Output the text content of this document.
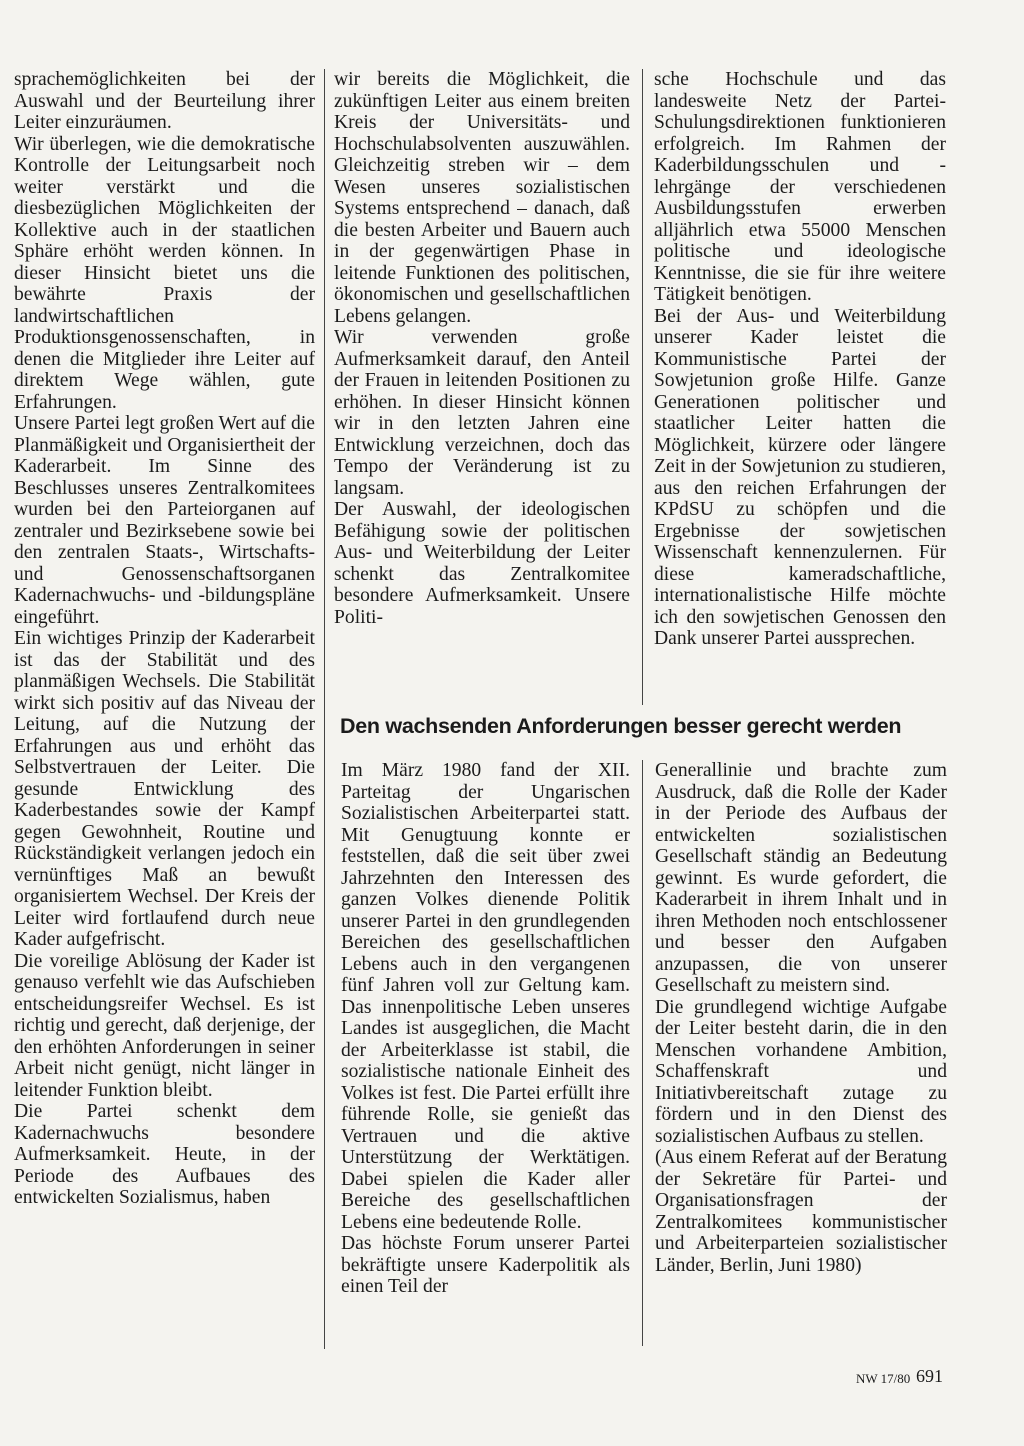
sprachemöglichkeiten bei der Auswahl und der Beurteilung ihrer Leiter einzuräumen.

Wir überlegen, wie die demokratische Kontrolle der Leitungsarbeit noch weiter verstärkt und die diesbezüglichen Möglichkeiten der Kollektive auch in der staatlichen Sphäre erhöht werden können. In dieser Hinsicht bietet uns die bewährte Praxis der landwirtschaftlichen Produktionsgenossenschaften, in denen die Mitglieder ihre Leiter auf direktem Wege wählen, gute Erfahrungen.

Unsere Partei legt großen Wert auf die Planmäßigkeit und Organisiertheit der Kaderarbeit. Im Sinne des Beschlusses unseres Zentralkomitees wurden bei den Parteiorganen auf zentraler und Bezirksebene sowie bei den zentralen Staats-, Wirtschafts- und Genossenschaftsorganen Kadernachwuchs- und -bildungspläne eingeführt.

Ein wichtiges Prinzip der Kaderarbeit ist das der Stabilität und des planmäßigen Wechsels. Die Stabilität wirkt sich positiv auf das Niveau der Leitung, auf die Nutzung der Erfahrungen aus und erhöht das Selbstvertrauen der Leiter. Die gesunde Entwicklung des Kaderbestandes sowie der Kampf gegen Gewohnheit, Routine und Rückständigkeit verlangen jedoch ein vernünftiges Maß an bewußt organisiertem Wechsel. Der Kreis der Leiter wird fortlaufend durch neue Kader aufgefrischt.

Die voreilige Ablösung der Kader ist genauso verfehlt wie das Aufschieben entscheidungsreifer Wechsel. Es ist richtig und gerecht, daß derjenige, der den erhöhten Anforderungen in seiner Arbeit nicht genügt, nicht länger in leitender Funktion bleibt.

Die Partei schenkt dem Kadernachwuchs besondere Aufmerksamkeit. Heute, in der Periode des Aufbaues des entwickelten Sozialismus, haben

wir bereits die Möglichkeit, die zukünftigen Leiter aus einem breiten Kreis der Universitäts- und Hochschulabsolventen auszuwählen. Gleichzeitig streben wir – dem Wesen unseres sozialistischen Systems entsprechend – danach, daß die besten Arbeiter und Bauern auch in der gegenwärtigen Phase in leitende Funktionen des politischen, ökonomischen und gesellschaftlichen Lebens gelangen.

Wir verwenden große Aufmerksamkeit darauf, den Anteil der Frauen in leitenden Positionen zu erhöhen. In dieser Hinsicht können wir in den letzten Jahren eine Entwicklung verzeichnen, doch das Tempo der Veränderung ist zu langsam.

Der Auswahl, der ideologischen Befähigung sowie der politischen Aus- und Weiterbildung der Leiter schenkt das Zentralkomitee besondere Aufmerksamkeit. Unsere Politi-

sche Hochschule und das landesweite Netz der Partei-Schulungsdirektionen funktionieren erfolgreich. Im Rahmen der Kaderbildungsschulen und -lehrgänge der verschiedenen Ausbildungsstufen erwerben alljährlich etwa 55000 Menschen politische und ideologische Kenntnisse, die sie für ihre weitere Tätigkeit benötigen.

Bei der Aus- und Weiterbildung unserer Kader leistet die Kommunistische Partei der Sowjetunion große Hilfe. Ganze Generationen politischer und staatlicher Leiter hatten die Möglichkeit, kürzere oder längere Zeit in der Sowjetunion zu studieren, aus den reichen Erfahrungen der KPdSU zu schöpfen und die Ergebnisse der sowjetischen Wissenschaft kennenzulernen. Für diese kameradschaftliche, internationalistische Hilfe möchte ich den sowjetischen Genossen den Dank unserer Partei aussprechen.

Den wachsenden Anforderungen besser gerecht werden

Im März 1980 fand der XII. Parteitag der Ungarischen Sozialistischen Arbeiterpartei statt. Mit Genugtuung konnte er feststellen, daß die seit über zwei Jahrzehnten den Interessen des ganzen Volkes dienende Politik unserer Partei in den grundlegenden Bereichen des gesellschaftlichen Lebens auch in den vergangenen fünf Jahren voll zur Geltung kam. Das innenpolitische Leben unseres Landes ist ausgeglichen, die Macht der Arbeiterklasse ist stabil, die sozialistische nationale Einheit des Volkes ist fest. Die Partei erfüllt ihre führende Rolle, sie genießt das Vertrauen und die aktive Unterstützung der Werktätigen. Dabei spielen die Kader aller Bereiche des gesellschaftlichen Lebens eine bedeutende Rolle.

Das höchste Forum unserer Partei bekräftigte unsere Kaderpolitik als einen Teil der

Generallinie und brachte zum Ausdruck, daß die Rolle der Kader in der Periode des Aufbaus der entwickelten sozialistischen Gesellschaft ständig an Bedeutung gewinnt. Es wurde gefordert, die Kaderarbeit in ihrem Inhalt und in ihren Methoden noch entschlossener und besser den Aufgaben anzupassen, die von unserer Gesellschaft zu meistern sind.

Die grundlegend wichtige Aufgabe der Leiter besteht darin, die in den Menschen vorhandene Ambition, Schaffenskraft und Initiativbereitschaft zutage zu fördern und in den Dienst des sozialistischen Aufbaus zu stellen.

(Aus einem Referat auf der Beratung der Sekretäre für Partei- und Organisationsfragen der Zentralkomitees kommunistischer und Arbeiterparteien sozialistischer Länder, Berlin, Juni 1980)

NW 17/80 691
